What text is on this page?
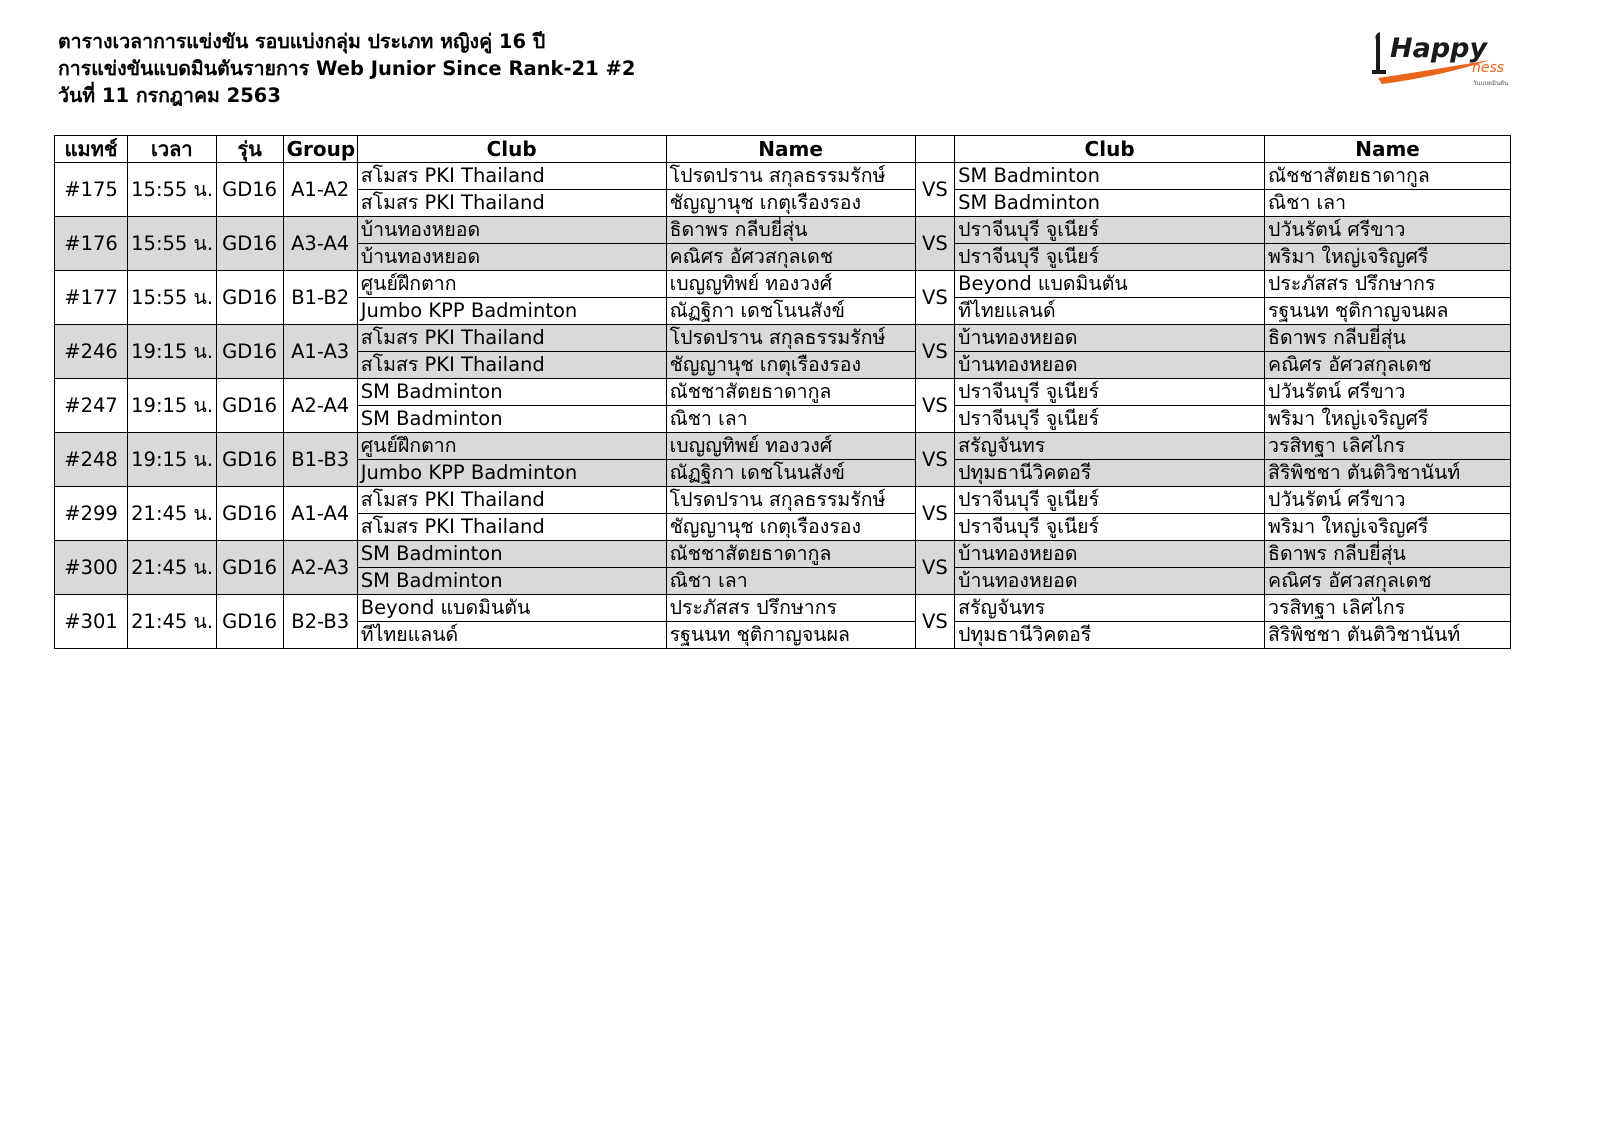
ตารางเวลาการแข่งขัน รอบแบ่งกลุ่ม ประเภท หญิงคู่ 16 ปี
การแข่งขันแบดมินตันรายการ Web Junior Since Rank-21 #2
วันที่ 11 กรกฎาคม 2563
Happy
ness
วันแบดมินตัน
แมทช์	เวลา	รุ่น	Group	Club	Name		Club	Name
#175	15:55 น.	GD16	A1-A2	สโมสร PKI Thailand	โปรดปราน สกุลธรรมรักษ์	VS	SM Badminton	ณัชชาสัตยธาดากูล
				สโมสร PKI Thailand	ชัญญานุช เกตุเรืองรอง		SM Badminton	ณิชา เลา
#176	15:55 น.	GD16	A3-A4	บ้านทองหยอด	ธิดาพร กลีบยี่สุ่น	VS	ปราจีนบุรี จูเนียร์	ปวันรัตน์ ศรีขาว
				บ้านทองหยอด	คณิศร อัศวสกุลเดช		ปราจีนบุรี จูเนียร์	พริมา ใหญ่เจริญศรี
#177	15:55 น.	GD16	B1-B2	ศูนย์ฝึกตาก	เบญญทิพย์ ทองวงศ์	VS	Beyond แบดมินตัน	ประภัสสร ปรึกษากร
				Jumbo KPP Badminton	ณัฏฐิกา เดชโนนสังข์		ทีไทยแลนด์	รฐนนท ชุติกาญจนผล
#246	19:15 น.	GD16	A1-A3	สโมสร PKI Thailand	โปรดปราน สกุลธรรมรักษ์	VS	บ้านทองหยอด	ธิดาพร กลีบยี่สุ่น
				สโมสร PKI Thailand	ชัญญานุช เกตุเรืองรอง		บ้านทองหยอด	คณิศร อัศวสกุลเดช
#247	19:15 น.	GD16	A2-A4	SM Badminton	ณัชชาสัตยธาดากูล	VS	ปราจีนบุรี จูเนียร์	ปวันรัตน์ ศรีขาว
				SM Badminton	ณิชา เลา		ปราจีนบุรี จูเนียร์	พริมา ใหญ่เจริญศรี
#248	19:15 น.	GD16	B1-B3	ศูนย์ฝึกตาก	เบญญทิพย์ ทองวงศ์	VS	สรัญจันทร	วรสิทฐา เลิศไกร
				Jumbo KPP Badminton	ณัฏฐิกา เดชโนนสังข์		ปทุมธานีวิคตอรี	สิริพิชชา ตันติวิชานันท์
#299	21:45 น.	GD16	A1-A4	สโมสร PKI Thailand	โปรดปราน สกุลธรรมรักษ์	VS	ปราจีนบุรี จูเนียร์	ปวันรัตน์ ศรีขาว
				สโมสร PKI Thailand	ชัญญานุช เกตุเรืองรอง		ปราจีนบุรี จูเนียร์	พริมา ใหญ่เจริญศรี
#300	21:45 น.	GD16	A2-A3	SM Badminton	ณัชชาสัตยธาดากูล	VS	บ้านทองหยอด	ธิดาพร กลีบยี่สุ่น
				SM Badminton	ณิชา เลา		บ้านทองหยอด	คณิศร อัศวสกุลเดช
#301	21:45 น.	GD16	B2-B3	Beyond แบดมินตัน	ประภัสสร ปรึกษากร	VS	สรัญจันทร	วรสิทฐา เลิศไกร
				ทีไทยแลนด์	รฐนนท ชุติกาญจนผล		ปทุมธานีวิคตอรี	สิริพิชชา ตันติวิชานันท์
